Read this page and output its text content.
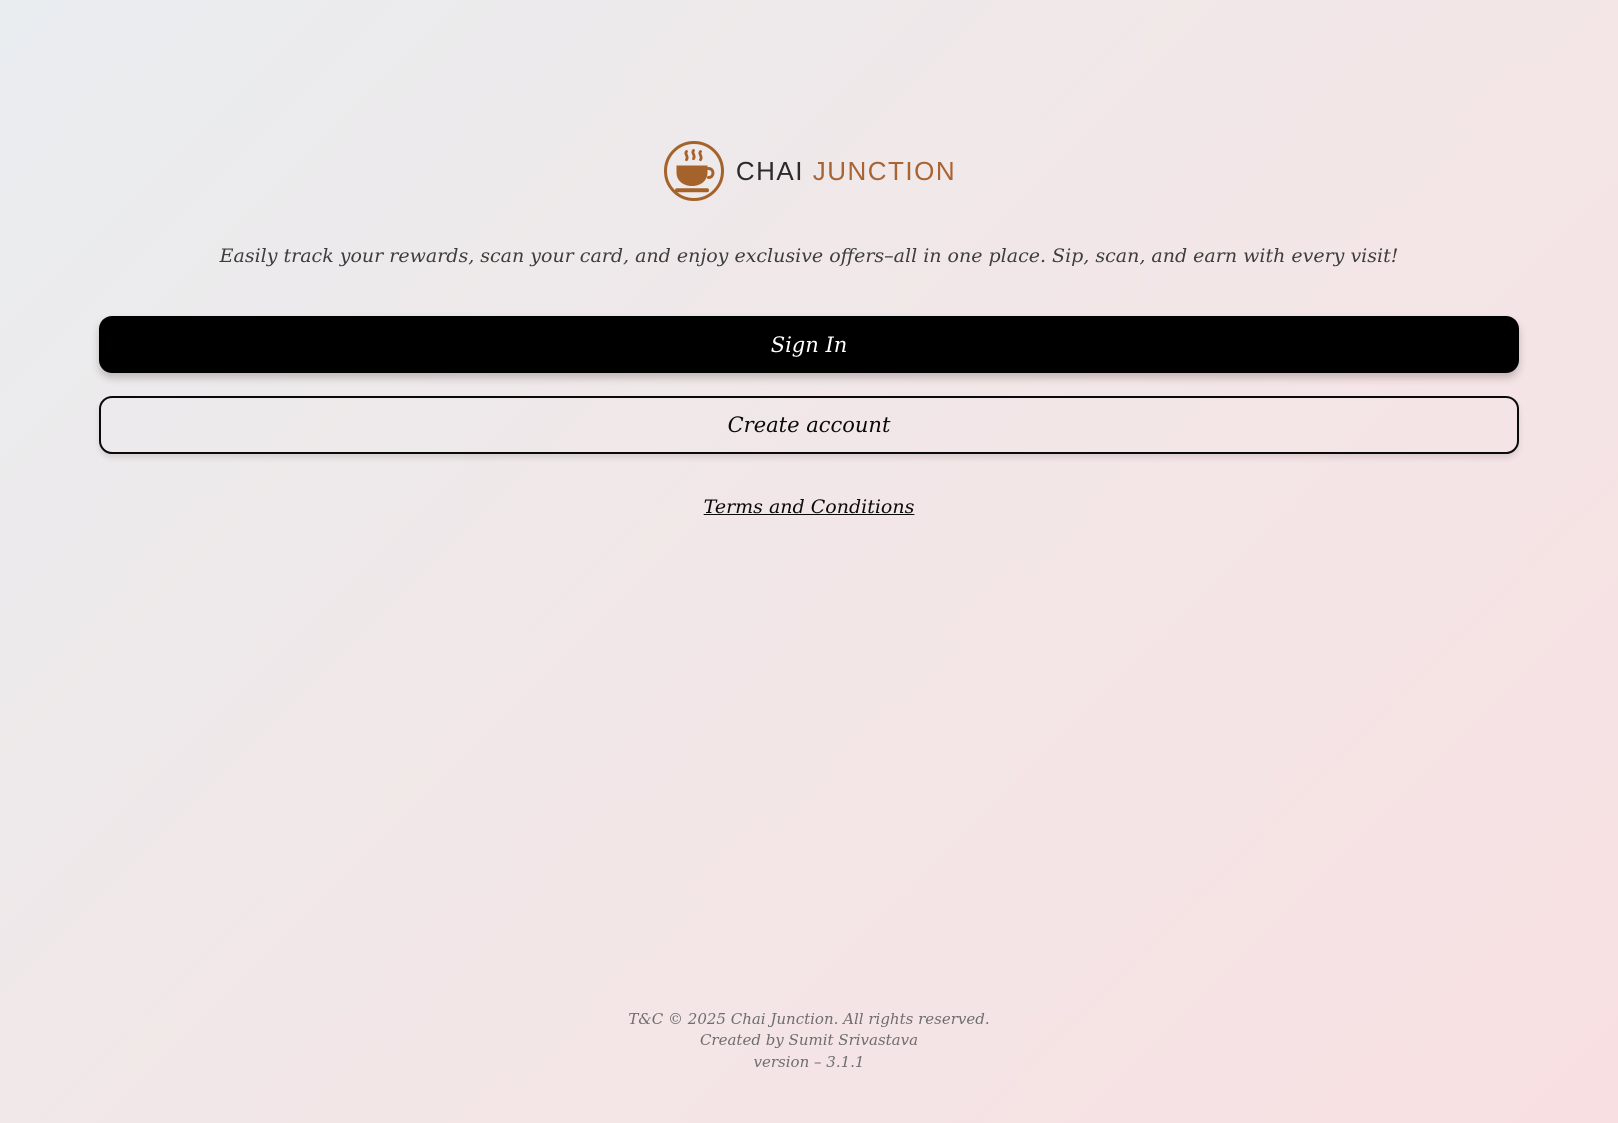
CHAI JUNCTION

Easily track your rewards, scan your card, and enjoy exclusive offers–all in one place. Sip, scan, and earn with every visit!

Sign In
Create account
Terms and Conditions
T&C © 2025 Chai Junction. All rights reserved.
Created by Sumit Srivastava
version – 3.1.1
